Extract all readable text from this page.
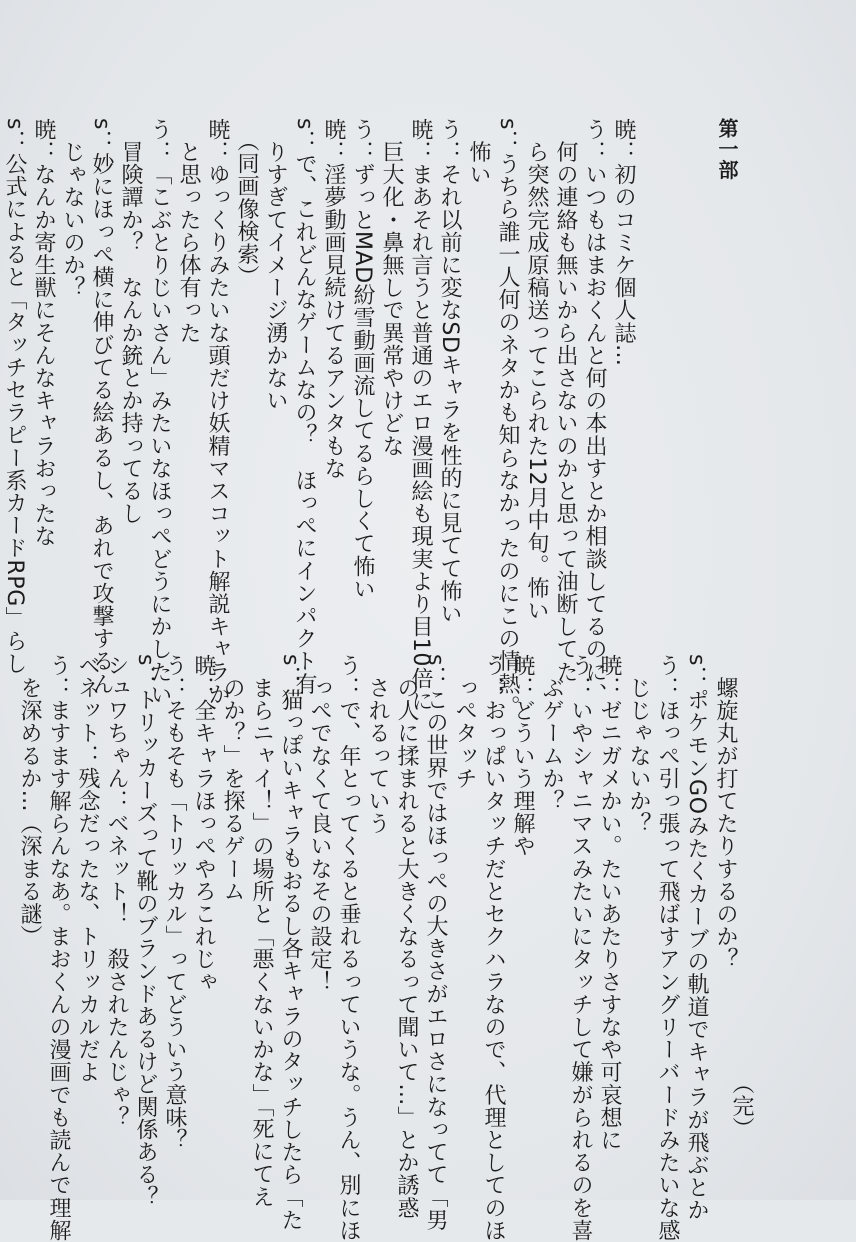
第一部

暁：初のコミケ個人誌…
う：いつもはまおくんと何の本出すとか相談してるのに、
　何の連絡も無いから出さないのかと思って油断してた
　ら突然完成原稿送ってこられた12月中旬。怖い
s：うちら誰一人何のネタかも知らなかったのにこの情熱。
　怖い
う：それ以前に変なSDキャラを性的に見てて怖い
暁：まあそれ言うと普通のエロ漫画絵も現実より目10倍に
　巨大化・鼻無しで異常やけどな
う：ずっとMAD紛雪動画流してるらしくて怖い
暁：淫夢動画見続けてるアンタもな
s：で、これどんなゲームなの？　ほっぺにインパクト有
　りすぎてイメージ湧かない
　（同画像検索）
暁：ゆっくりみたいな頭だけ妖精マスコット解説キャラか
　と思ったら体有った
う：「こぶとりじいさん」みたいなほっぺどうにかしたい
　冒険譚か？　なんか銃とか持ってるし
s：妙にほっぺ横に伸びてる絵あるし、あれで攻撃するん
　じゃないのか？
暁：なんか寄生獣にそんなキャラおったな
s：公式によると「タッチセラピー系カードRPG」らし

　螺旋丸が打てたりするのか？
s：ポケモンGOみたくカーブの軌道でキャラが飛ぶとか
う：ほっぺ引っ張って飛ばすアングリーバードみたいな感
　じじゃないか？
暁：ゼニガメかい。たいあたりさすなや可哀想に
う：いやシャニマスみたいにタッチして嫌がられるのを喜
　ぶゲームか？
暁：どういう理解や
う：おっぱいタッチだとセクハラなので、代理としてのほ
　っぺタッチ
s：この世界ではほっぺの大きさがエロさになってて「男
　の人に揉まれると大きくなるって聞いて…」とか誘惑
　されるっていう
う：で、年とってくると垂れるっていうな。うん、別にほ
　っぺでなくて良いなその設定！
s：猫っぽいキャラもおるし各キャラのタッチしたら「た
　まらニャイ！」の場所と「悪くないかな」「死にてえ
　のか？」を探るゲーム
暁：全キャラほっぺやろこれじゃ
う：そもそも「トリッカル」ってどういう意味？
s：トリッカーズって靴のブランドあるけど関係ある？
シュワちゃん：ベネット！　殺されたんじゃ？
ベネット：残念だったな、トリッカルだよ
う：ますます解らんなあ。まおくんの漫画でも読んで理解
　を深めるか…（深まる謎）

（完）
